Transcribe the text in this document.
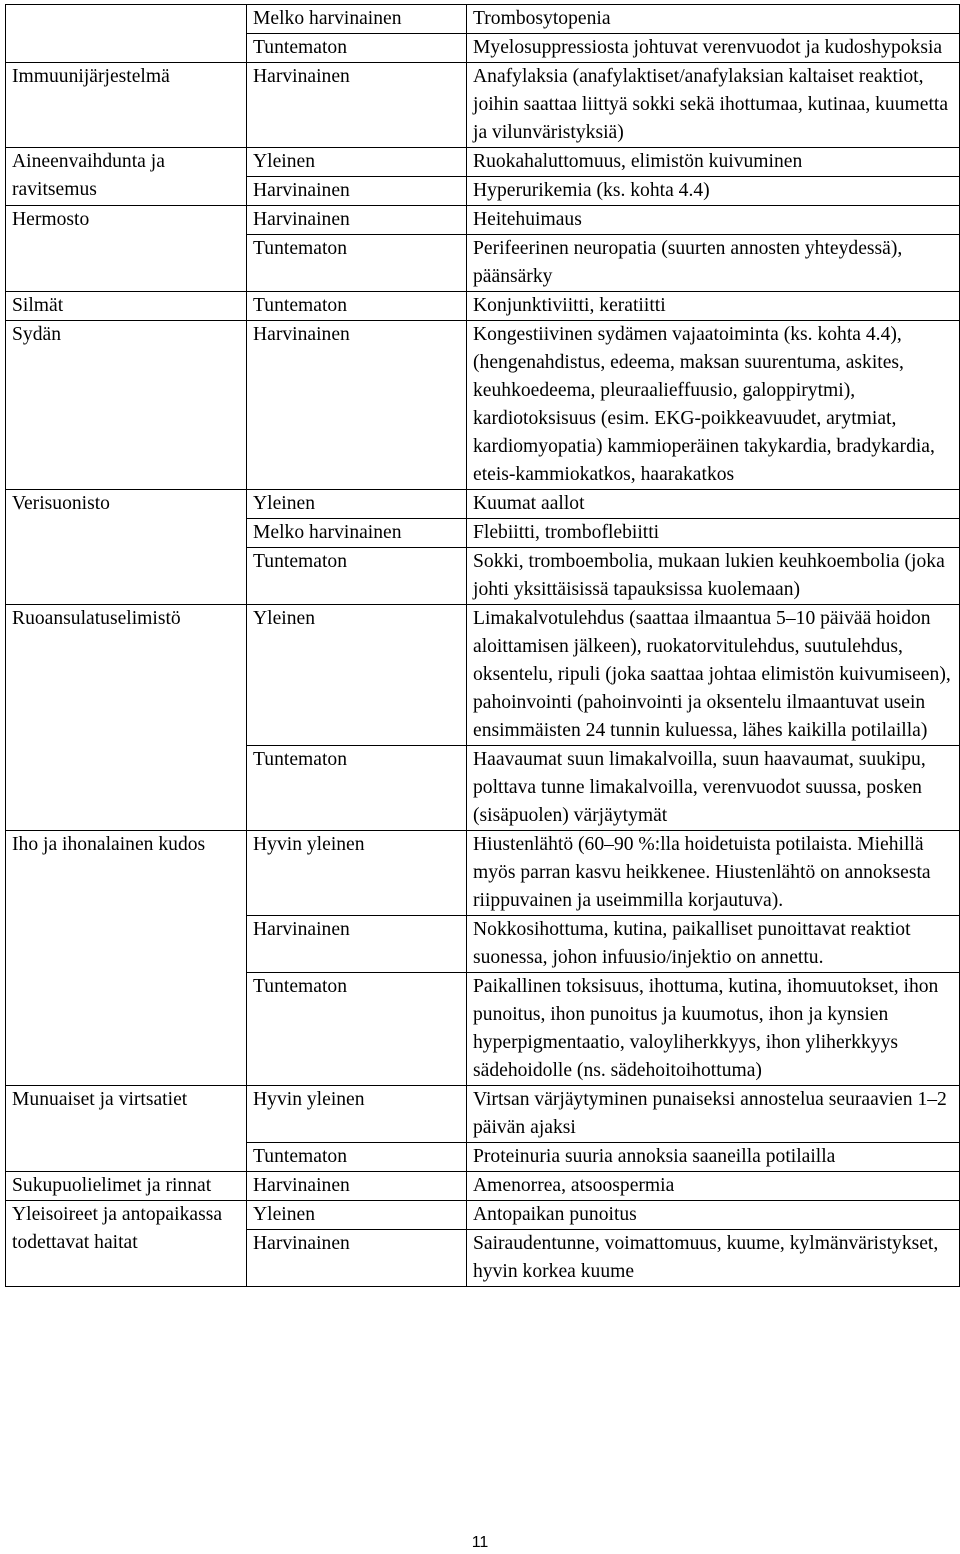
	Melko harvinainen	Trombosytopenia
	Tuntematon	Myelosuppressiosta johtuvat verenvuodot ja kudoshypoksia
Immuunijärjestelmä	Harvinainen	Anafylaksia (anafylaktiset/anafylaksian kaltaiset reaktiot, joihin saattaa liittyä sokki sekä ihottumaa, kutinaa, kuumetta ja vilunväristyksiä)
Aineenvaihdunta ja ravitsemus	Yleinen	Ruokahaluttomuus, elimistön kuivuminen
	Harvinainen	Hyperurikemia (ks. kohta 4.4)
Hermosto	Harvinainen	Heitehuimaus
	Tuntematon	Perifeerinen neuropatia (suurten annosten yhteydessä), päänsärky
Silmät	Tuntematon	Konjunktiviitti, keratiitti
Sydän	Harvinainen	Kongestiivinen sydämen vajaatoiminta (ks. kohta 4.4), (hengenahdistus, edeema, maksan suurentuma, askites, keuhkoedeema, pleuraalieffuusio, galoppirytmi), kardiotoksisuus (esim. EKG-poikkeavuudet, arytmiat, kardiomyopatia) kammioperäinen takykardia, bradykardia, eteis-kammiokatkos, haarakatkos
Verisuonisto	Yleinen	Kuumat aallot
	Melko harvinainen	Flebiitti, tromboflebiitti
	Tuntematon	Sokki, tromboembolia, mukaan lukien keuhkoembolia (joka johti yksittäisissä tapauksissa kuolemaan)
Ruoansulatuselimistö	Yleinen	Limakalvotulehdus (saattaa ilmaantua 5–10 päivää hoidon aloittamisen jälkeen), ruokatorvitulehdus, suutulehdus, oksentelu, ripuli (joka saattaa johtaa elimistön kuivumiseen), pahoinvointi (pahoinvointi ja oksentelu ilmaantuvat usein ensimmäisten 24 tunnin kuluessa, lähes kaikilla potilailla)
	Tuntematon	Haavaumat suun limakalvoilla, suun haavaumat, suukipu, polttava tunne limakalvoilla, verenvuodot suussa, posken (sisäpuolen) värjäytymät
Iho ja ihonalainen kudos	Hyvin yleinen	Hiustenlähtö (60–90 %:lla hoidetuista potilaista. Miehillä myös parran kasvu heikkenee. Hiustenlähtö on annoksesta riippuvainen ja useimmilla korjautuva).
	Harvinainen	Nokkosihottuma, kutina, paikalliset punoittavat reaktiot suonessa, johon infuusio/injektio on annettu.
	Tuntematon	Paikallinen toksisuus, ihottuma, kutina, ihomuutokset, ihon punoitus, ihon punoitus ja kuumotus, ihon ja kynsien hyperpigmentaatio, valoyliherkkyys, ihon yliherkkyys sädehoidolle (ns. sädehoitoihottuma)
Munuaiset ja virtsatiet	Hyvin yleinen	Virtsan värjäytyminen punaiseksi annostelua seuraavien 1–2 päivän ajaksi
	Tuntematon	Proteinuria suuria annoksia saaneilla potilailla
Sukupuolielimet ja rinnat	Harvinainen	Amenorrea, atsoospermia
Yleisoireet ja antopaikassa todettavat haitat	Yleinen	Antopaikan punoitus
	Harvinainen	Sairaudentunne, voimattomuus, kuume, kylmänväristykset, hyvin korkea kuume
11
